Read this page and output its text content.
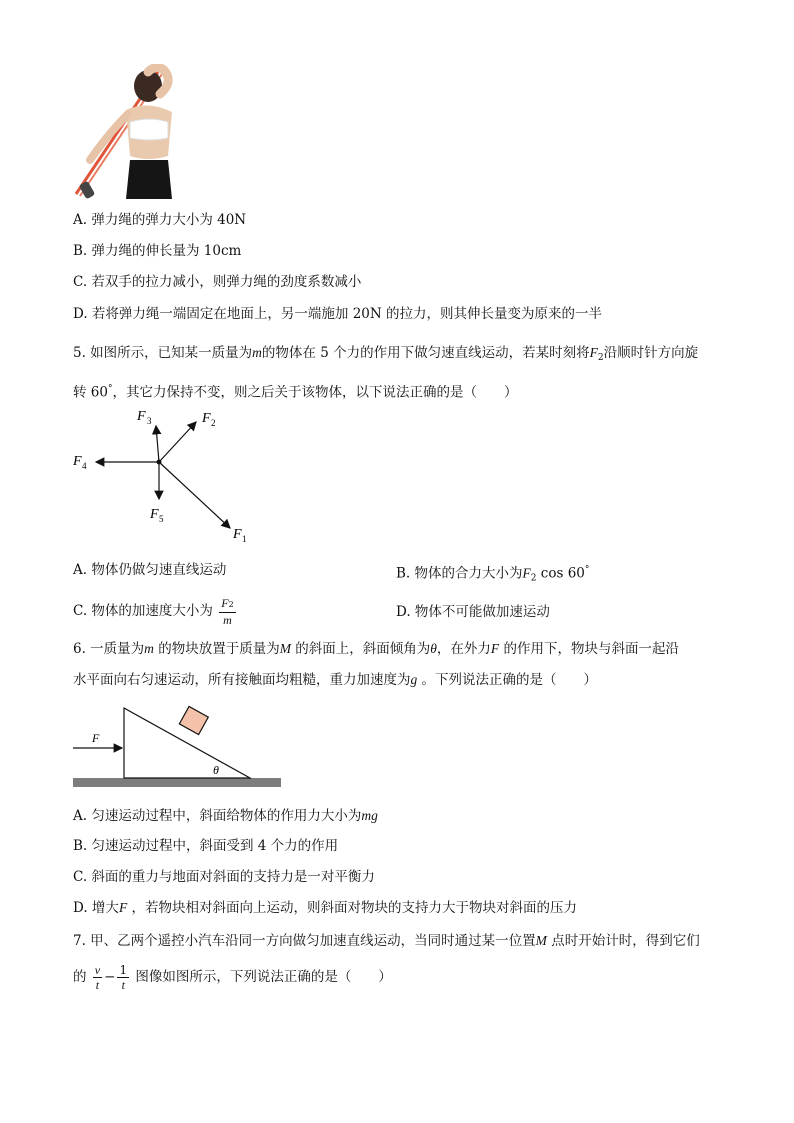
A. 弹力绳的弹力大小为 40N
B. 弹力绳的伸长量为 10cm
C. 若双手的拉力减小，则弹力绳的劲度系数减小
D. 若将弹力绳一端固定在地面上，另一端施加 20N 的拉力，则其伸长量变为原来的一半
5. 如图所示，已知某一质量为m的物体在 5 个力的作用下做匀速直线运动，若某时刻将$F_2$沿顺时针方向旋
转 60°，其它力保持不变，则之后关于该物体，以下说法正确的是（　　）
F 3	F 2
F 4
F 5
F 1
A. 物体仍做匀速直线运动	B. 物体的合力大小为$F_2$ cos 60°
C. 物体的加速度大小为 $\frac{F2}{m}$	D. 物体不可能做加速运动
6. 一质量为m 的物块放置于质量为M 的斜面上，斜面倾角为θ，在外力F 的作用下，物块与斜面一起沿
水平面向右匀速运动，所有接触面均粗糙，重力加速度为g 。下列说法正确的是（　　）
F
θ
A. 匀速运动过程中，斜面给物体的作用力大小为mg
B. 匀速运动过程中，斜面受到 4 个力的作用
C. 斜面的重力与地面对斜面的支持力是一对平衡力
D. 增大F ，若物块相对斜面向上运动，则斜面对物块的支持力大于物块对斜面的压力
7. 甲、乙两个遥控小汽车沿同一方向做匀加速直线运动，当同时通过某一位置M 点时开始计时，得到它们
的 $\frac{v}{t} - \frac{1}{t}$ 图像如图所示，下列说法正确的是（　　）
